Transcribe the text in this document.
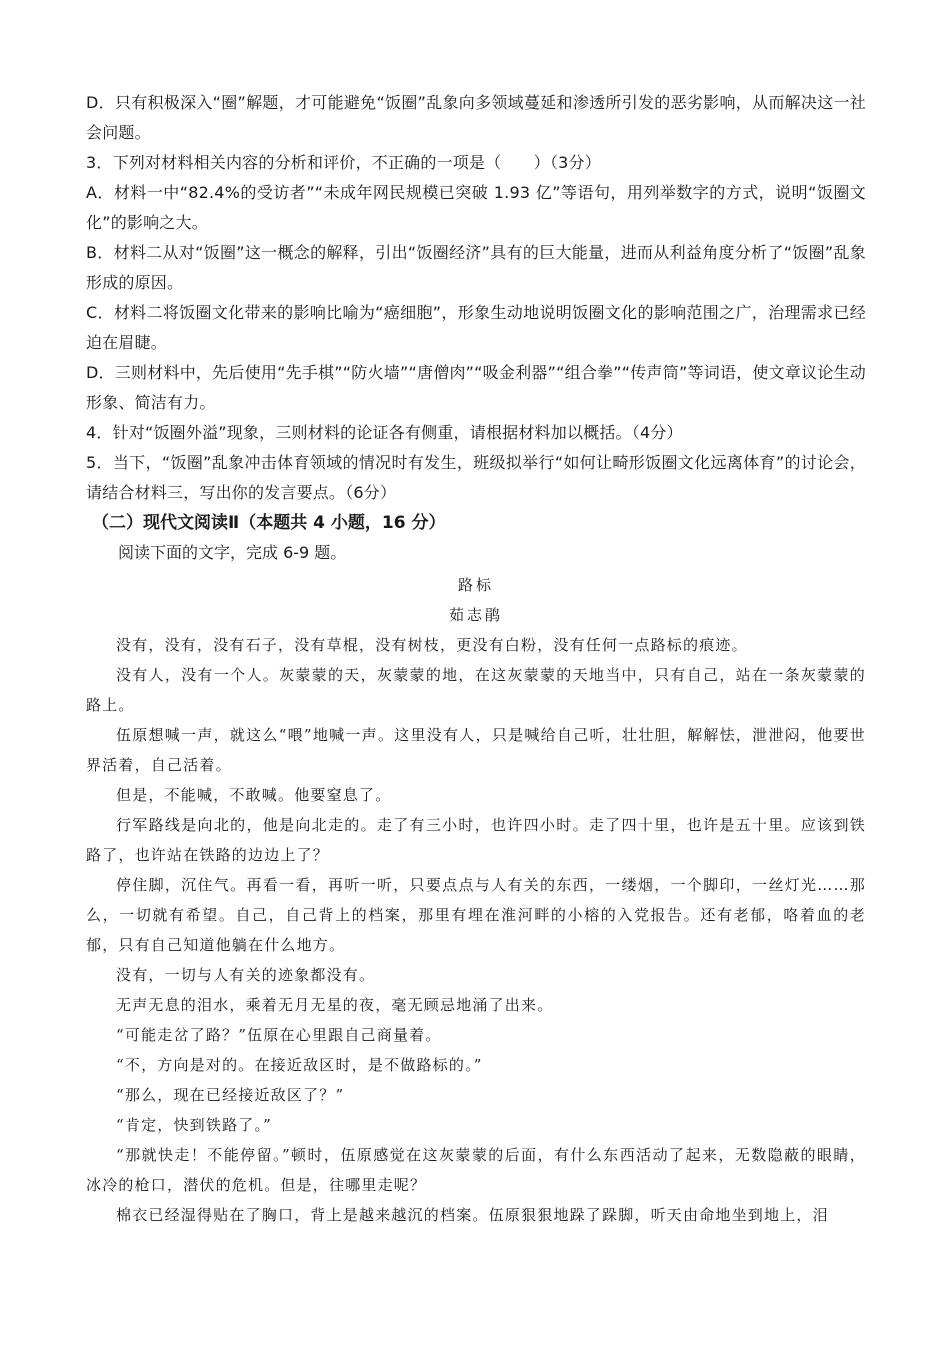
D．只有积极深入“圈”解题，才可能避免“饭圈”乱象向多领域蔓延和渗透所引发的恶劣影响，从而解决这一社会问题。

3．下列对材料相关内容的分析和评价，不正确的一项是（　　）（3分）

A．材料一中“82.4%的受访者”“未成年网民规模已突破 1.93 亿”等语句，用列举数字的方式，说明“饭圈文化”的影响之大。

B．材料二从对“饭圈”这一概念的解释，引出“饭圈经济”具有的巨大能量，进而从利益角度分析了“饭圈”乱象形成的原因。

C．材料二将饭圈文化带来的影响比喻为“癌细胞”，形象生动地说明饭圈文化的影响范围之广，治理需求已经迫在眉睫。

D．三则材料中，先后使用“先手棋”“防火墙”“唐僧肉”“吸金利器”“组合拳”“传声筒”等词语，使文章议论生动形象、简洁有力。

4．针对“饭圈外溢”现象，三则材料的论证各有侧重，请根据材料加以概括。（4分）

5．当下，“饭圈”乱象冲击体育领域的情况时有发生，班级拟举行“如何让畸形饭圈文化远离体育”的讨论会，请结合材料三，写出你的发言要点。（6分）

（二）现代文阅读Ⅱ（本题共 4 小题，16 分）

阅读下面的文字，完成 6-9 题。

路标

茹志鹃

没有，没有，没有石子，没有草棍，没有树枝，更没有白粉，没有任何一点路标的痕迹。

没有人，没有一个人。灰蒙蒙的天，灰蒙蒙的地，在这灰蒙蒙的天地当中，只有自己，站在一条灰蒙蒙的路上。

伍原想喊一声，就这么“喂”地喊一声。这里没有人，只是喊给自己听，壮壮胆，解解怯，泄泄闷，他要世界活着，自己活着。

但是，不能喊，不敢喊。他要窒息了。

行军路线是向北的，他是向北走的。走了有三小时，也许四小时。走了四十里，也许是五十里。应该到铁路了，也许站在铁路的边边上了？

停住脚，沉住气。再看一看，再听一听，只要点点与人有关的东西，一缕烟，一个脚印，一丝灯光……那么，一切就有希望。自己，自己背上的档案，那里有埋在淮河畔的小榕的入党报告。还有老郁，咯着血的老郁，只有自己知道他躺在什么地方。

没有，一切与人有关的迹象都没有。

无声无息的泪水，乘着无月无星的夜，毫无顾忌地涌了出来。

“可能走岔了路？”伍原在心里跟自己商量着。

“不，方向是对的。在接近敌区时，是不做路标的。”

“那么，现在已经接近敌区了？”

“肯定，快到铁路了。”

“那就快走！不能停留。”顿时，伍原感觉在这灰蒙蒙的后面，有什么东西活动了起来，无数隐蔽的眼睛，冰冷的枪口，潜伏的危机。但是，往哪里走呢？

棉衣已经湿得贴在了胸口，背上是越来越沉的档案。伍原狠狠地跺了跺脚，听天由命地坐到地上，泪
